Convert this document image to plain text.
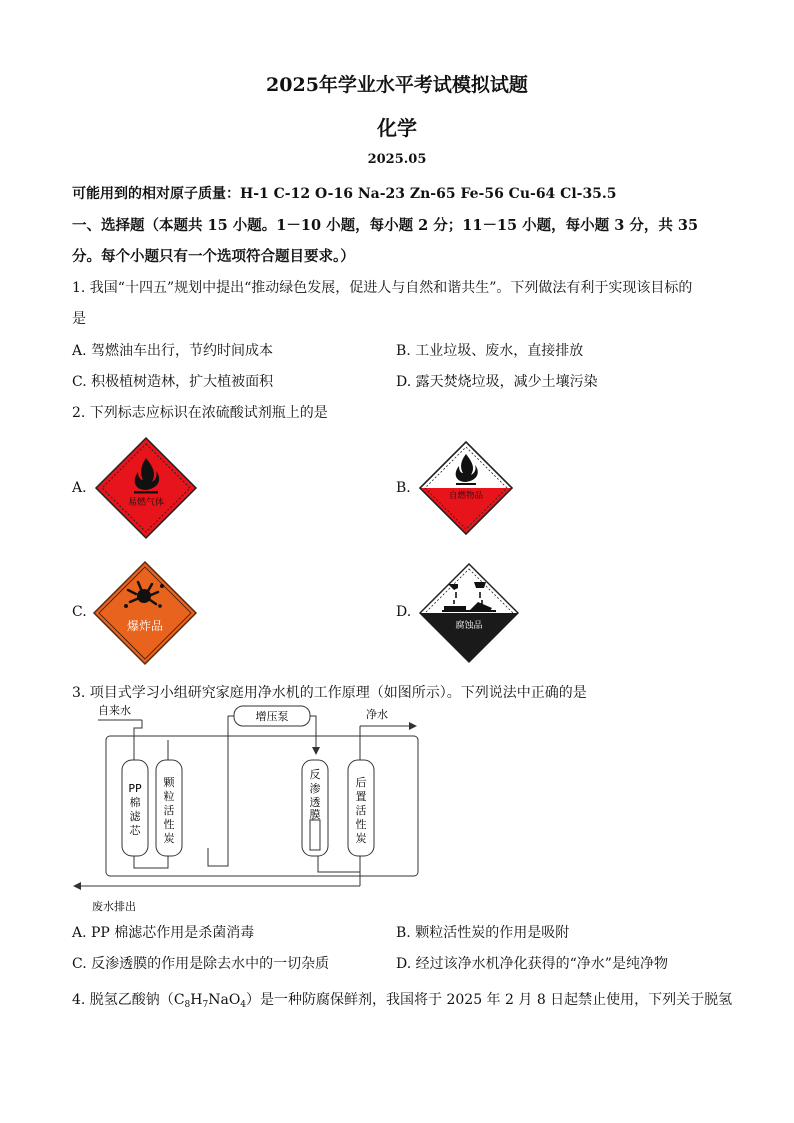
2025年学业水平考试模拟试题
化学
2025.05
可能用到的相对原子质量：H-1 C-12 O-16 Na-23 Zn-65 Fe-56 Cu-64 Cl-35.5
一、选择题（本题共 15 小题。1－10 小题，每小题 2 分；11－15 小题，每小题 3 分，共 35
分。每个小题只有一个选项符合题目要求。）
1. 我国“十四五”规划中提出“推动绿色发展，促进人与自然和谐共生”。下列做法有利于实现该目标的
是
A. 驾燃油车出行，节约时间成本	B. 工业垃圾、废水，直接排放
C. 积极植树造林，扩大植被面积	D. 露天焚烧垃圾，减少土壤污染
2. 下列标志应标识在浓硫酸试剂瓶上的是
A.	B.
C.	D.
易燃气体
自燃物品
爆炸品	腐蚀品
3. 项目式学习小组研究家庭用净水机的工作原理（如图所示）。下列说法中正确的是
增压泵
自来水	净水
废水排出
PP
棉
滤
芯
颗
粒
活
性
炭
反
渗
透
膜
后
置
活
性
炭
A. PP 棉滤芯作用是杀菌消毒	B. 颗粒活性炭的作用是吸附
C. 反渗透膜的作用是除去水中的一切杂质	D. 经过该净水机净化获得的“净水”是纯净物
4. 脱氢乙酸钠$(C_8H_7NaO_4)$是一种防腐保鲜剂，我国将于 2025 年 2 月 8 日起禁止使用，下列关于脱氢
